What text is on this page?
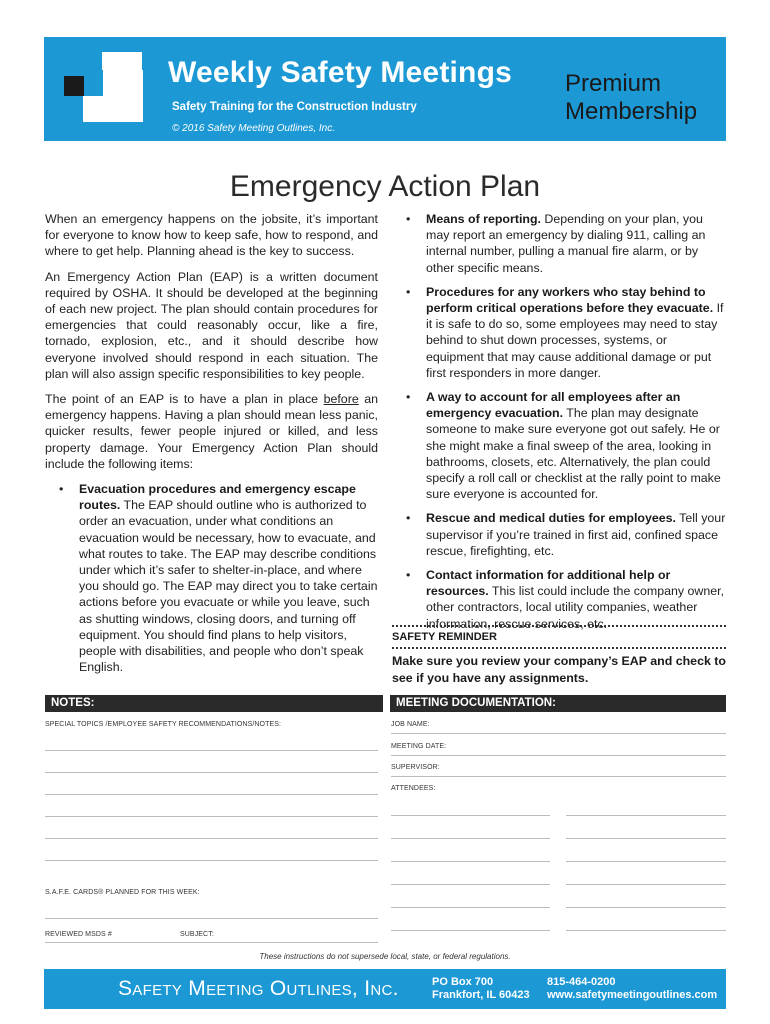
Weekly Safety Meetings
Safety Training for the Construction Industry
© 2016 Safety Meeting Outlines, Inc.
Premium
Membership
Emergency Action Plan

When an emergency happens on the jobsite, it’s important for everyone to know how to keep safe, how to respond, and where to get help. Planning ahead is the key to success.

An Emergency Action Plan (EAP) is a written document required by OSHA. It should be developed at the beginning of each new project. The plan should contain procedures for emergencies that could reasonably occur, like a fire, tornado, explosion, etc., and it should describe how everyone involved should respond in each situation. The plan will also assign specific responsibilities to key people.

The point of an EAP is to have a plan in place before an emergency happens. Having a plan should mean less panic, quicker results, fewer people injured or killed, and less property damage. Your Emergency Action Plan should include the following items:

• Evacuation procedures and emergency escape routes. The EAP should outline who is authorized to order an evacuation, under what conditions an evacuation would be necessary, how to evacuate, and what routes to take. The EAP may describe conditions under which it’s safer to shelter-in-place, and where you should go. The EAP may direct you to take certain actions before you evacuate or while you leave, such as shutting windows, closing doors, and turning off equipment. You should find plans to help visitors, people with disabilities, and people who don’t speak English.
• Means of reporting. Depending on your plan, you may report an emergency by dialing 911, calling an internal number, pulling a manual fire alarm, or by other specific means.
• Procedures for any workers who stay behind to perform critical operations before they evacuate. If it is safe to do so, some employees may need to stay behind to shut down processes, systems, or equipment that may cause additional damage or put first responders in more danger.
• A way to account for all employees after an emergency evacuation. The plan may designate someone to make sure everyone got out safely. He or she might make a final sweep of the area, looking in bathrooms, closets, etc. Alternatively, the plan could specify a roll call or checklist at the rally point to make sure everyone is accounted for.
• Rescue and medical duties for employees. Tell your supervisor if you’re trained in first aid, confined space rescue, firefighting, etc.
• Contact information for additional help or resources. This list could include the company owner, other contractors, local utility companies, weather information, rescue services, etc.
SAFETY REMINDER
Make sure you review your company’s EAP and check to see if you have any assignments.
NOTES:
SPECIAL TOPICS /EMPLOYEE SAFETY RECOMMENDATIONS/NOTES:
S.A.F.E. CARDS® PLANNED FOR THIS WEEK:
REVIEWED MSDS #	SUBJECT:
MEETING DOCUMENTATION:
JOB NAME:
MEETING DATE:
SUPERVISOR:
ATTENDEES:
These instructions do not supersede local, state, or federal regulations.
Safety Meeting Outlines, Inc.	PO Box 700
Frankfort, IL 60423
815-464-0200
www.safetymeetingoutlines.com
